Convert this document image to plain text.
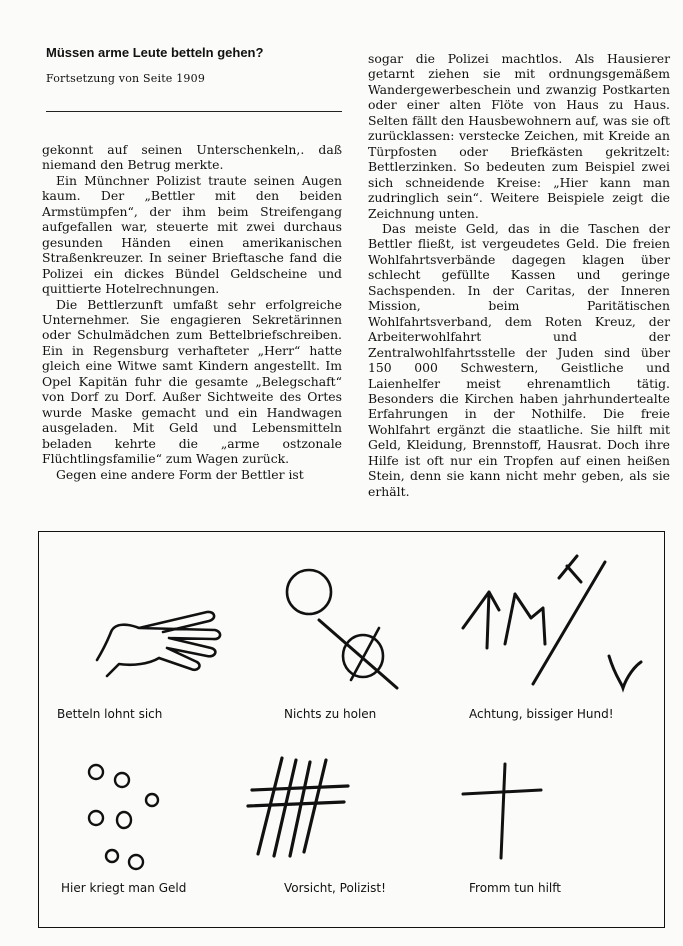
Müssen arme Leute betteln gehen?
Fortsetzung von Seite 1909

gekonnt auf seinen Unterschenkeln,. daß niemand den Betrug merkte.

Ein Münchner Polizist traute seinen Augen kaum. Der „Bettler mit den beiden Armstümpfen“, der ihm beim Streifengang aufgefallen war, steuerte mit zwei durchaus gesunden Händen einen amerikanischen Straßenkreuzer. In seiner Brieftasche fand die Polizei ein dickes Bündel Geldscheine und quittierte Hotelrechnungen.

Die Bettlerzunft umfaßt sehr erfolgreiche Unternehmer. Sie engagieren Sekretärinnen oder Schulmädchen zum Bettelbriefschreiben. Ein in Regensburg verhafteter „Herr“ hatte gleich eine Witwe samt Kindern angestellt. Im Opel Kapitän fuhr die gesamte „Belegschaft“ von Dorf zu Dorf. Außer Sichtweite des Ortes wurde Maske gemacht und ein Handwagen ausgeladen. Mit Geld und Lebensmitteln beladen kehrte die „arme ostzonale Flüchtlingsfamilie“ zum Wagen zurück.

Gegen eine andere Form der Bettler ist

sogar die Polizei machtlos. Als Hausierer getarnt ziehen sie mit ordnungsgemäßem Wandergewerbeschein und zwanzig Postkarten oder einer alten Flöte von Haus zu Haus. Selten fällt den Hausbewohnern auf, was sie oft zurücklassen: verstecke Zeichen, mit Kreide an Türpfosten oder Briefkästen gekritzelt: Bettlerzinken. So bedeuten zum Beispiel zwei sich schneidende Kreise: „Hier kann man zudringlich sein“. Weitere Beispiele zeigt die Zeichnung unten.

Das meiste Geld, das in die Taschen der Bettler fließt, ist vergeudetes Geld. Die freien Wohlfahrtsverbände dagegen klagen über schlecht gefüllte Kassen und geringe Sachspenden. In der Caritas, der Inneren Mission, beim Paritätischen Wohlfahrtsverband, dem Roten Kreuz, der Arbeiterwohlfahrt und der Zentralwohlfahrtsstelle der Juden sind über 150 000 Schwestern, Geistliche und Laienhelfer meist ehrenamtlich tätig. Besonders die Kirchen haben jahrhundertealte Erfahrungen in der Nothilfe. Die freie Wohlfahrt ergänzt die staatliche. Sie hilft mit Geld, Kleidung, Brennstoff, Hausrat. Doch ihre Hilfe ist oft nur ein Tropfen auf einen heißen Stein, denn sie kann nicht mehr geben, als sie erhält.

Betteln lohnt sich	Nichts zu holen	Achtung, bissiger Hund!
Hier kriegt man Geld	Vorsicht, Polizist!	Fromm tun hilft
